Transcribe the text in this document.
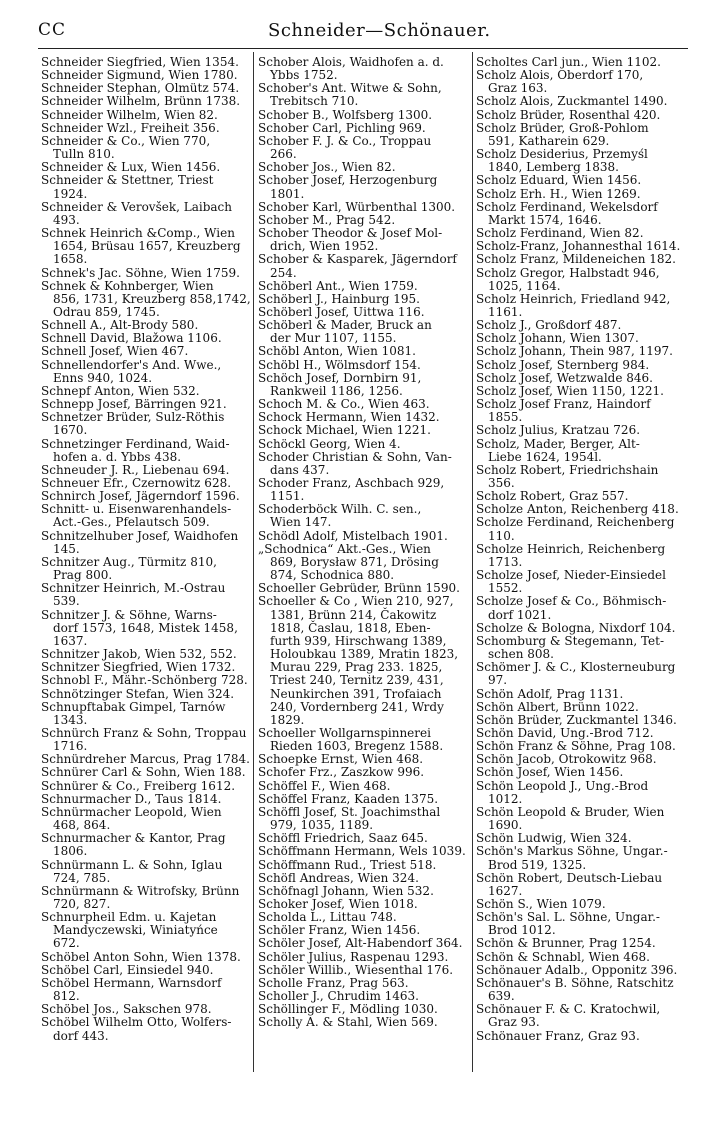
CC	Schneider—Schönauer.
Schneider Siegfried, Wien 1354.
Schneider Sigmund, Wien 1780.
Schneider Stephan, Olmütz 574.
Schneider Wilhelm, Brünn 1738.
Schneider Wilhelm, Wien 82.
Schneider Wzl., Freiheit 356.
Schneider & Co., Wien 770,
Tulln 810.
Schneider & Lux, Wien 1456.
Schneider & Stettner, Triest
1924.
Schneider & Verovšek, Laibach
493.
Schnek Heinrich &Comp., Wien
1654, Brüsau 1657, Kreuzberg
1658.
Schnek's Jac. Söhne, Wien 1759.
Schnek & Kohnberger, Wien
856, 1731, Kreuzberg 858,1742,
Odrau 859, 1745.
Schnell A., Alt-Brody 580.
Schnell David, Blažowa 1106.
Schnell Josef, Wien 467.
Schnellendorfer's And. Wwe.,
Enns 940, 1024.
Schnepf Anton, Wien 532.
Schnepp Josef, Bärringen 921.
Schnetzer Brüder, Sulz-Röthis
1670.
Schnetzinger Ferdinand, Waid-
hofen a. d. Ybbs 438.
Schneuder J. R., Liebenau 694.
Schneuer Efr., Czernowitz 628.
Schnirch Josef, Jägerndorf 1596.
Schnitt- u. Eisenwarenhandels-
Act.-Ges., Pfelautsch 509.
Schnitzelhuber Josef, Waidhofen
145.
Schnitzer Aug., Türmitz 810,
Prag 800.
Schnitzer Heinrich, M.-Ostrau
539.
Schnitzer J. & Söhne, Warns-
dorf 1573, 1648, Mistek 1458,
1637.
Schnitzer Jakob, Wien 532, 552.
Schnitzer Siegfried, Wien 1732.
Schnobl F., Mähr.-Schönberg 728.
Schnötzinger Stefan, Wien 324.
Schnupftabak Gimpel, Tarnów
1343.
Schnürch Franz & Sohn, Troppau
1716.
Schnürdreher Marcus, Prag 1784.
Schnürer Carl & Sohn, Wien 188.
Schnürer & Co., Freiberg 1612.
Schnurmacher D., Taus 1814.
Schnürmacher Leopold, Wien
468, 864.
Schnurmacher & Kantor, Prag
1806.
Schnürmann L. & Sohn, Iglau
724, 785.
Schnürmann & Witrofsky, Brünn
720, 827.
Schnurpheil Edm. u. Kajetan
Mandyczewski, Winiatyńce
672.
Schöbel Anton Sohn, Wien 1378.
Schöbel Carl, Einsiedel 940.
Schöbel Hermann, Warnsdorf
812.
Schöbel Jos., Sakschen 978.
Schöbel Wilhelm Otto, Wolfers-
dorf 443.
Schober Alois, Waidhofen a. d.
Ybbs 1752.
Schober's Ant. Witwe & Sohn,
Trebitsch 710.
Schober B., Wolfsberg 1300.
Schober Carl, Pichling 969.
Schober F. J. & Co., Troppau
266.
Schober Jos., Wien 82.
Schober Josef, Herzogenburg
1801.
Schober Karl, Würbenthal 1300.
Schober M., Prag 542.
Schober Theodor & Josef Mol-
drich, Wien 1952.
Schober & Kasparek, Jägerndorf
254.
Schöberl Ant., Wien 1759.
Schöberl J., Hainburg 195.
Schöberl Josef, Uittwa 116.
Schöberl & Mader, Bruck an
der Mur 1107, 1155.
Schöbl Anton, Wien 1081.
Schöbl H., Wölmsdorf 154.
Schöch Josef, Dornbirn 91,
Rankweil 1186, 1256.
Schoch M. & Co., Wien 463.
Schock Hermann, Wien 1432.
Schock Michael, Wien 1221.
Schöckl Georg, Wien 4.
Schoder Christian & Sohn, Van-
dans 437.
Schoder Franz, Aschbach 929,
1151.
Schoderböck Wilh. C. sen.,
Wien 147.
Schödl Adolf, Mistelbach 1901.
„Schodnica“ Akt.-Ges., Wien
869, Borysław 871, Drösing
874, Schodnica 880.
Schoeller Gebrüder, Brünn 1590.
Schoeller & Co , Wien 210, 927,
1381, Brünn 214, Čakowitz
1818, Časlau, 1818, Eben-
furth 939, Hirschwang 1389,
Holoubkau 1389, Mratin 1823,
Murau 229, Prag 233. 1825,
Triest 240, Ternitz 239, 431,
Neunkirchen 391, Trofaiach
240, Vordernberg 241, Wrdy
1829.
Schoeller Wollgarnspinnerei
Rieden 1603, Bregenz 1588.
Schoepke Ernst, Wien 468.
Schofer Frz., Zaszkow 996.
Schöffel F., Wien 468.
Schöffel Franz, Kaaden 1375.
Schöffl Josef, St. Joachimsthal
979, 1035, 1189.
Schöffl Friedrich, Saaz 645.
Schöffmann Hermann, Wels 1039.
Schöffmann Rud., Triest 518.
Schöfl Andreas, Wien 324.
Schöfnagl Johann, Wien 532.
Schoker Josef, Wien 1018.
Scholda L., Littau 748.
Schöler Franz, Wien 1456.
Schöler Josef, Alt-Habendorf 364.
Schöler Julius, Raspenau 1293.
Schöler Willib., Wiesenthal 176.
Scholle Franz, Prag 563.
Scholler J., Chrudim 1463.
Schöllinger F., Mödling 1030.
Scholly A. & Stahl, Wien 569.
Scholtes Carl jun., Wien 1102.
Scholz Alois, Oberdorf 170,
Graz 163.
Scholz Alois, Zuckmantel 1490.
Scholz Brüder, Rosenthal 420.
Scholz Brüder, Groß-Pohlom
591, Katharein 629.
Scholz Desiderius, Przemyśl
1840, Lemberg 1838.
Scholz Eduard, Wien 1456.
Scholz Erh. H., Wien 1269.
Scholz Ferdinand, Wekelsdorf
Markt 1574, 1646.
Scholz Ferdinand, Wien 82.
Scholz-Franz, Johannesthal 1614.
Scholz Franz, Mildeneichen 182.
Scholz Gregor, Halbstadt 946,
1025, 1164.
Scholz Heinrich, Friedland 942,
1161.
Scholz J., Großdorf 487.
Scholz Johann, Wien 1307.
Scholz Johann, Thein 987, 1197.
Scholz Josef, Sternberg 984.
Scholz Josef, Wetzwalde 846.
Scholz Josef, Wien 1150, 1221.
Scholz Josef Franz, Haindorf
1855.
Scholz Julius, Kratzau 726.
Scholz, Mader, Berger, Alt-
Liebe 1624, 1954l.
Scholz Robert, Friedrichshain
356.
Scholz Robert, Graz 557.
Scholze Anton, Reichenberg 418.
Scholze Ferdinand, Reichenberg
110.
Scholze Heinrich, Reichenberg
1713.
Scholze Josef, Nieder-Einsiedel
1552.
Scholze Josef & Co., Böhmisch-
dorf 1021.
Scholze & Bologna, Nixdorf 104.
Schomburg & Stegemann, Tet-
schen 808.
Schömer J. & C., Klosterneuburg
97.
Schön Adolf, Prag 1131.
Schön Albert, Brünn 1022.
Schön Brüder, Zuckmantel 1346.
Schön David, Ung.-Brod 712.
Schön Franz & Söhne, Prag 108.
Schön Jacob, Otrokowitz 968.
Schön Josef, Wien 1456.
Schön Leopold J., Ung.-Brod
1012.
Schön Leopold & Bruder, Wien
1690.
Schön Ludwig, Wien 324.
Schön's Markus Söhne, Ungar.-
Brod 519, 1325.
Schön Robert, Deutsch-Liebau
1627.
Schön S., Wien 1079.
Schön's Sal. L. Söhne, Ungar.-
Brod 1012.
Schön & Brunner, Prag 1254.
Schön & Schnabl, Wien 468.
Schönauer Adalb., Opponitz 396.
Schönauer's B. Söhne, Ratschitz
639.
Schönauer F. & C. Kratochwil,
Graz 93.
Schönauer Franz, Graz 93.
